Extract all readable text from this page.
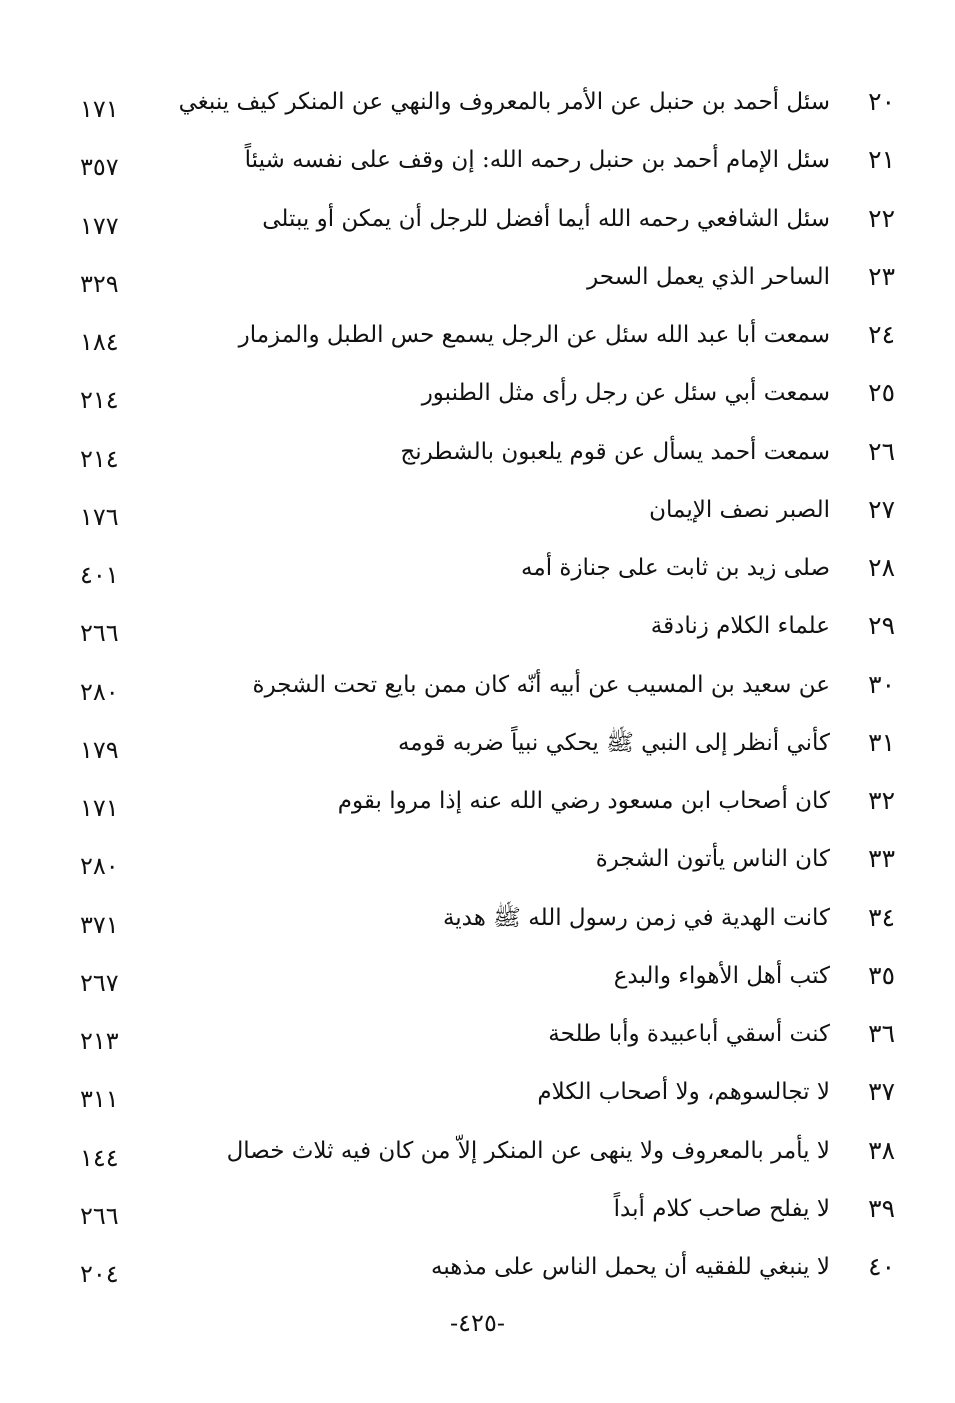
٢٠
سئل أحمد بن حنبل عن الأمر بالمعروف والنهي عن المنكر كيف ينبغي
١٧١
٢١
سئل الإمام أحمد بن حنبل رحمه الله: إن وقف على نفسه شيئاً
٣٥٧
٢٢
سئل الشافعي رحمه الله أيما أفضل للرجل أن يمكن أو يبتلى
١٧٧
٢٣
الساحر الذي يعمل السحر
٣٢٩
٢٤
سمعت أبا عبد الله سئل عن الرجل يسمع حس الطبل والمزمار
١٨٤
٢٥
سمعت أبي سئل عن رجل رأى مثل الطنبور
٢١٤
٢٦
سمعت أحمد يسأل عن قوم يلعبون بالشطرنج
٢١٤
٢٧
الصبر نصف الإيمان
١٧٦
٢٨
صلى زيد بن ثابت على جنازة أمه
٤٠١
٢٩
علماء الكلام زنادقة
٢٦٦
٣٠
عن سعيد بن المسيب عن أبيه أنّه كان ممن بايع تحت الشجرة
٢٨٠
٣١
كأني أنظر إلى النبي ﷺ يحكي نبياً ضربه قومه
١٧٩
٣٢
كان أصحاب ابن مسعود رضي الله عنه إذا مروا بقوم
١٧١
٣٣
كان الناس يأتون الشجرة
٢٨٠
٣٤
كانت الهدية في زمن رسول الله ﷺ هدية
٣٧١
٣٥
كتب أهل الأهواء والبدع
٢٦٧
٣٦
كنت أسقي أباعبيدة وأبا طلحة
٢١٣
٣٧
لا تجالسوهم، ولا أصحاب الكلام
٣١١
٣٨
لا يأمر بالمعروف ولا ينهى عن المنكر إلاّ من كان فيه ثلاث خصال
١٤٤
٣٩
لا يفلح صاحب كلام أبداً
٢٦٦
٤٠
لا ينبغي للفقيه أن يحمل الناس على مذهبه
٢٠٤
-٤٢٥-
